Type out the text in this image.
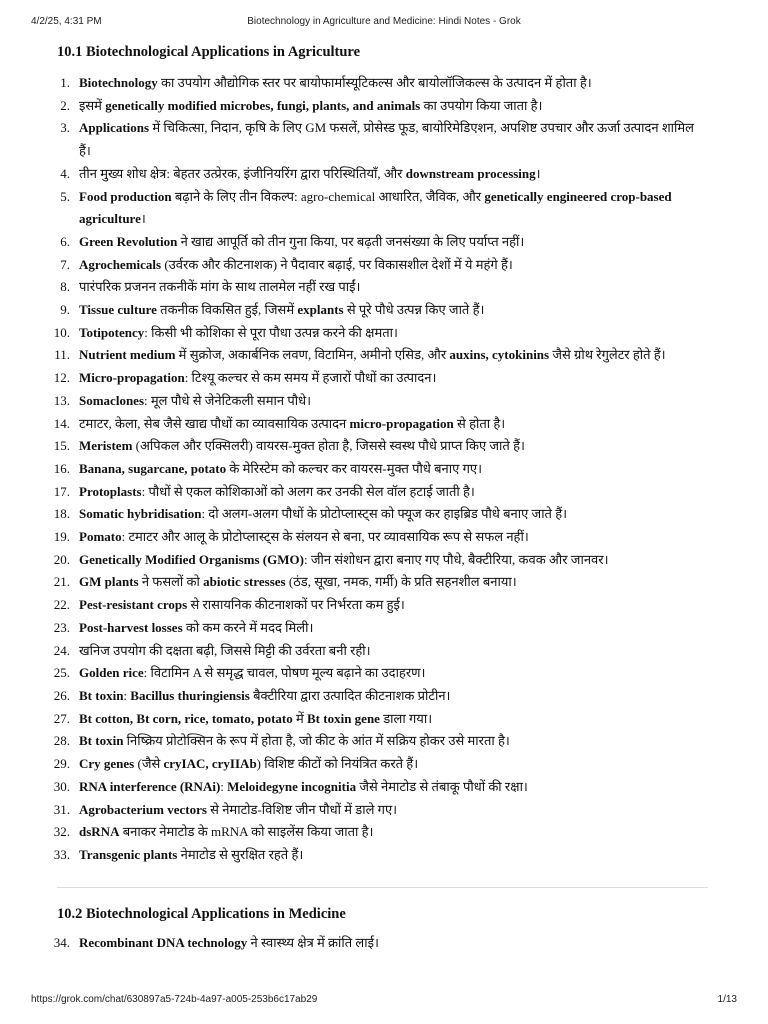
4/2/25, 4:31 PM	Biotechnology in Agriculture and Medicine: Hindi Notes - Grok
10.1 Biotechnological Applications in Agriculture
1. Biotechnology का उपयोग औद्योगिक स्तर पर बायोफार्मास्यूटिकल्स और बायोलॉजिकल्स के उत्पादन में होता है।
2. इसमें genetically modified microbes, fungi, plants, and animals का उपयोग किया जाता है।
3. Applications में चिकित्सा, निदान, कृषि के लिए GM फसलें, प्रोसेस्ड फूड, बायोरिमेडिएशन, अपशिष्ट उपचार और ऊर्जा उत्पादन शामिल हैं।
4. तीन मुख्य शोध क्षेत्र: बेहतर उत्प्रेरक, इंजीनियरिंग द्वारा परिस्थितियाँ, और downstream processing।
5. Food production बढ़ाने के लिए तीन विकल्प: agro-chemical आधारित, जैविक, और genetically engineered crop-based agriculture।
6. Green Revolution ने खाद्य आपूर्ति को तीन गुना किया, पर बढ़ती जनसंख्या के लिए पर्याप्त नहीं।
7. Agrochemicals (उर्वरक और कीटनाशक) ने पैदावार बढ़ाई, पर विकासशील देशों में ये महंगे हैं।
8. पारंपरिक प्रजनन तकनीकें मांग के साथ तालमेल नहीं रख पाईं।
9. Tissue culture तकनीक विकसित हुई, जिसमें explants से पूरे पौधे उत्पन्न किए जाते हैं।
10. Totipotency: किसी भी कोशिका से पूरा पौधा उत्पन्न करने की क्षमता।
11. Nutrient medium में सुक्रोज, अकार्बनिक लवण, विटामिन, अमीनो एसिड, और auxins, cytokinins जैसे ग्रोथ रेगुलेटर होते हैं।
12. Micro-propagation: टिश्यू कल्चर से कम समय में हजारों पौधों का उत्पादन।
13. Somaclones: मूल पौधे से जेनेटिकली समान पौधे।
14. टमाटर, केला, सेब जैसे खाद्य पौधों का व्यावसायिक उत्पादन micro-propagation से होता है।
15. Meristem (अपिकल और एक्सिलरी) वायरस-मुक्त होता है, जिससे स्वस्थ पौधे प्राप्त किए जाते हैं।
16. Banana, sugarcane, potato के मेरिस्टेम को कल्चर कर वायरस-मुक्त पौधे बनाए गए।
17. Protoplasts: पौधों से एकल कोशिकाओं को अलग कर उनकी सेल वॉल हटाई जाती है।
18. Somatic hybridisation: दो अलग-अलग पौधों के प्रोटोप्लास्ट्स को फ्यूज कर हाइब्रिड पौधे बनाए जाते हैं।
19. Pomato: टमाटर और आलू के प्रोटोप्लास्ट्स के संलयन से बना, पर व्यावसायिक रूप से सफल नहीं।
20. Genetically Modified Organisms (GMO): जीन संशोधन द्वारा बनाए गए पौधे, बैक्टीरिया, कवक और जानवर।
21. GM plants ने फसलों को abiotic stresses (ठंड, सूखा, नमक, गर्मी) के प्रति सहनशील बनाया।
22. Pest-resistant crops से रासायनिक कीटनाशकों पर निर्भरता कम हुई।
23. Post-harvest losses को कम करने में मदद मिली।
24. खनिज उपयोग की दक्षता बढ़ी, जिससे मिट्टी की उर्वरता बनी रही।
25. Golden rice: विटामिन A से समृद्ध चावल, पोषण मूल्य बढ़ाने का उदाहरण।
26. Bt toxin: Bacillus thuringiensis बैक्टीरिया द्वारा उत्पादित कीटनाशक प्रोटीन।
27. Bt cotton, Bt corn, rice, tomato, potato में Bt toxin gene डाला गया।
28. Bt toxin निष्क्रिय प्रोटोक्सिन के रूप में होता है, जो कीट के आंत में सक्रिय होकर उसे मारता है।
29. Cry genes (जैसे cryIAC, cryIIAb) विशिष्ट कीटों को नियंत्रित करते हैं।
30. RNA interference (RNAi): Meloidegyne incognitia जैसे नेमाटोड से तंबाकू पौधों की रक्षा।
31. Agrobacterium vectors से नेमाटोड-विशिष्ट जीन पौधों में डाले गए।
32. dsRNA बनाकर नेमाटोड के mRNA को साइलेंस किया जाता है।
33. Transgenic plants नेमाटोड से सुरक्षित रहते हैं।
10.2 Biotechnological Applications in Medicine
34. Recombinant DNA technology ने स्वास्थ्य क्षेत्र में क्रांति लाई।
https://grok.com/chat/630897a5-724b-4a97-a005-253b6c17ab29	1/13
